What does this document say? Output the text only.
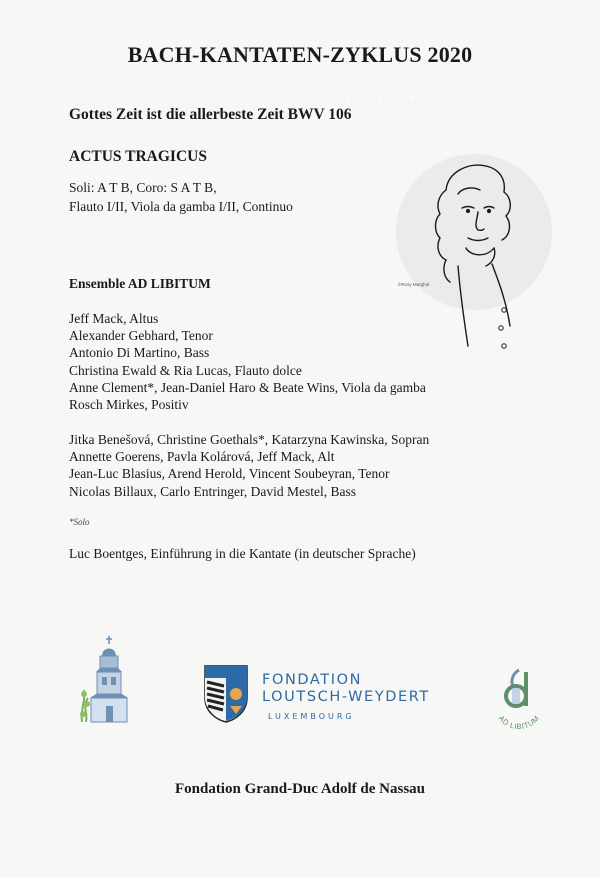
· · · · · · · · · · · · · · · ·
BACH-KANTATEN-ZYKLUS 2020
Gottes Zeit ist die allerbeste Zeit BWV 106
ACTUS TRAGICUS
Soli: A T B, Coro: S A T B,
Flauto I/II, Viola da gamba I/II, Continuo
©Rosy Marghot
Ensemble AD LIBITUM
Jeff Mack, Altus
Alexander Gebhard, Tenor
Antonio Di Martino, Bass
Christina Ewald & Ria Lucas, Flauto dolce
Anne Clement*, Jean-Daniel Haro & Beate Wins, Viola da gamba
Rosch Mirkes, Positiv
Jitka Benešová, Christine Goethals*, Katarzyna Kawinska, Sopran
Annette Goerens, Pavla Kolárová, Jeff Mack, Alt
Jean-Luc Blasius, Arend Herold, Vincent Soubeyran, Tenor
Nicolas Billaux, Carlo Entringer, David Mestel, Bass
*Solo
Luc Boentges, Einführung in die Kantate (in deutscher Sprache)
FONDATION
LOUTSCH-WEYDERT
LUXEMBOURG	AD LIBITUM
Fondation Grand-Duc Adolf de Nassau
